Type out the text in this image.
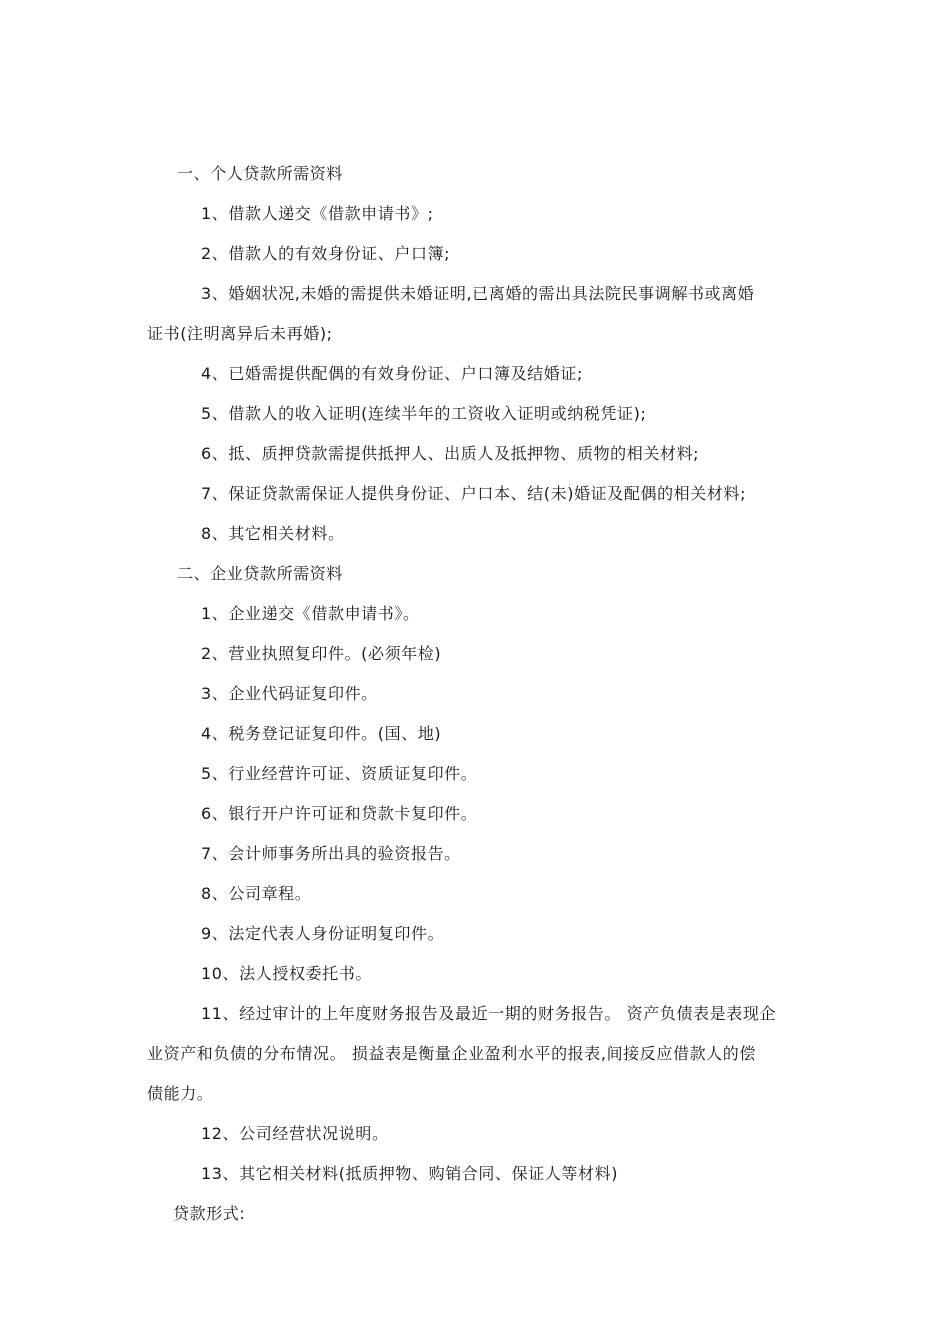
一、个人贷款所需资料
1、借款人递交《借款申请书》;
2、借款人的有效身份证、户口簿;
3、婚姻状况,未婚的需提供未婚证明,已离婚的需出具法院民事调解书或离婚
证书(注明离异后未再婚);
4、已婚需提供配偶的有效身份证、户口簿及结婚证;
5、借款人的收入证明(连续半年的工资收入证明或纳税凭证);
6、抵、质押贷款需提供抵押人、出质人及抵押物、质物的相关材料;
7、保证贷款需保证人提供身份证、户口本、结(未)婚证及配偶的相关材料;
8、其它相关材料。
二、企业贷款所需资料
1、企业递交《借款申请书》。
2、营业执照复印件。(必须年检)
3、企业代码证复印件。
4、税务登记证复印件。(国、地)
5、行业经营许可证、资质证复印件。
6、银行开户许可证和贷款卡复印件。
7、会计师事务所出具的验资报告。
8、公司章程。
9、法定代表人身份证明复印件。
10、法人授权委托书。
11、经过审计的上年度财务报告及最近一期的财务报告。 资产负债表是表现企
业资产和负债的分布情况。 损益表是衡量企业盈利水平的报表,间接反应借款人的偿
债能力。
12、公司经营状况说明。
13、其它相关材料(抵质押物、购销合同、保证人等材料)
贷款形式:
